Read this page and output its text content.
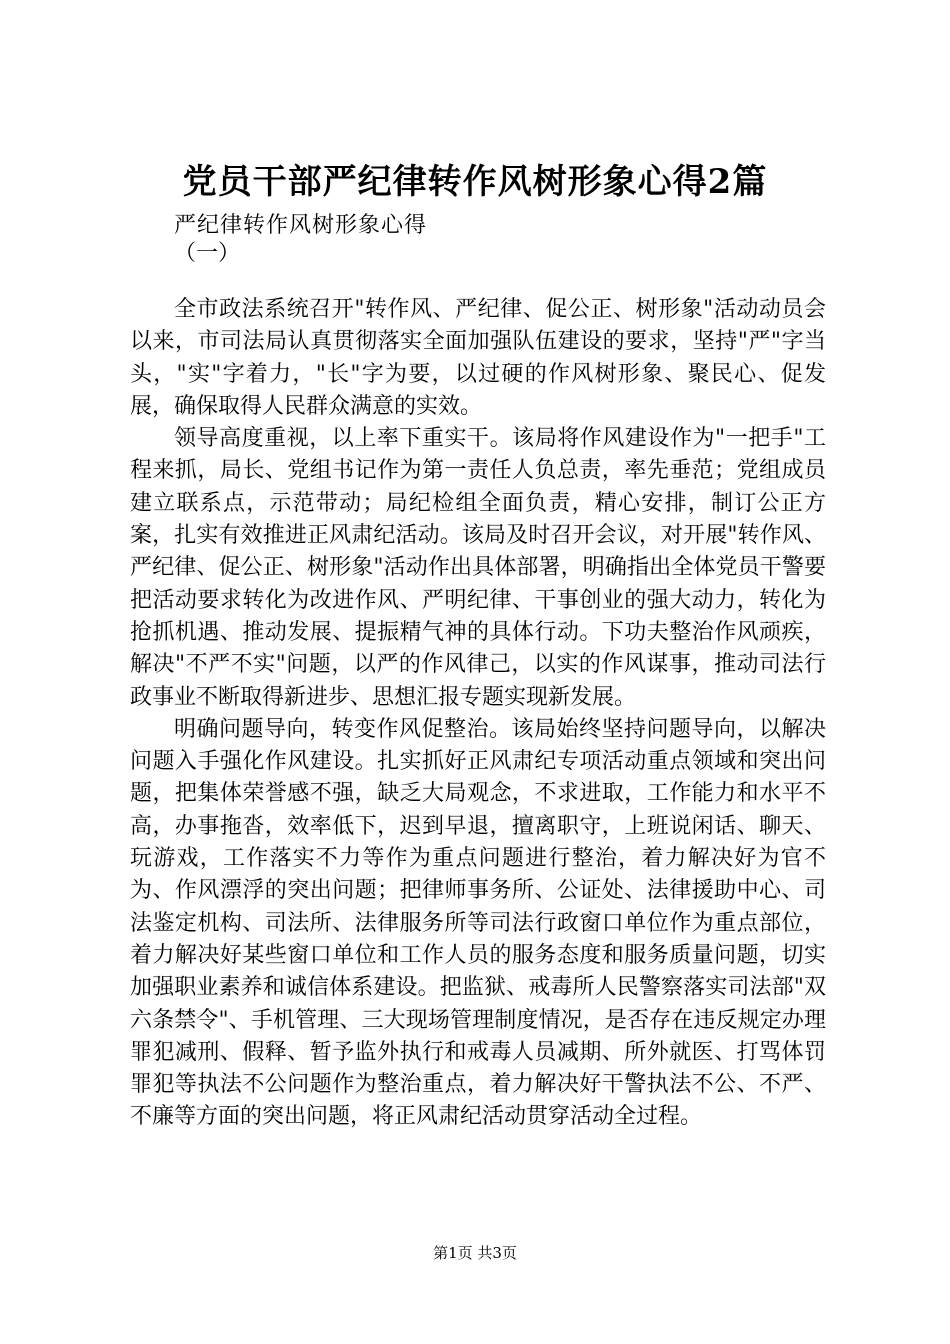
党员干部严纪律转作风树形象心得2篇
严纪律转作风树形象心得
（一）

全市政法系统召开"转作风、严纪律、促公正、树形象"活动动员会以来，市司法局认真贯彻落实全面加强队伍建设的要求，坚持"严"字当头，"实"字着力，"长"字为要，以过硬的作风树形象、聚民心、促发展，确保取得人民群众满意的实效。

领导高度重视，以上率下重实干。该局将作风建设作为"一把手"工程来抓，局长、党组书记作为第一责任人负总责，率先垂范；党组成员建立联系点，示范带动；局纪检组全面负责，精心安排，制订公正方案，扎实有效推进正风肃纪活动。该局及时召开会议，对开展"转作风、严纪律、促公正、树形象"活动作出具体部署，明确指出全体党员干警要把活动要求转化为改进作风、严明纪律、干事创业的强大动力，转化为抢抓机遇、推动发展、提振精气神的具体行动。下功夫整治作风顽疾，解决"不严不实"问题，以严的作风律己，以实的作风谋事，推动司法行政事业不断取得新进步、思想汇报专题实现新发展。

明确问题导向，转变作风促整治。该局始终坚持问题导向，以解决问题入手强化作风建设。扎实抓好正风肃纪专项活动重点领域和突出问题，把集体荣誉感不强，缺乏大局观念，不求进取，工作能力和水平不高，办事拖沓，效率低下，迟到早退，擅离职守，上班说闲话、聊天、玩游戏，工作落实不力等作为重点问题进行整治，着力解决好为官不为、作风漂浮的突出问题；把律师事务所、公证处、法律援助中心、司法鉴定机构、司法所、法律服务所等司法行政窗口单位作为重点部位，着力解决好某些窗口单位和工作人员的服务态度和服务质量问题，切实加强职业素养和诚信体系建设。把监狱、戒毒所人民警察落实司法部"双六条禁令"、手机管理、三大现场管理制度情况，是否存在违反规定办理罪犯减刑、假释、暂予监外执行和戒毒人员减期、所外就医、打骂体罚罪犯等执法不公问题作为整治重点，着力解决好干警执法不公、不严、不廉等方面的突出问题，将正风肃纪活动贯穿活动全过程。

第1页 共3页
